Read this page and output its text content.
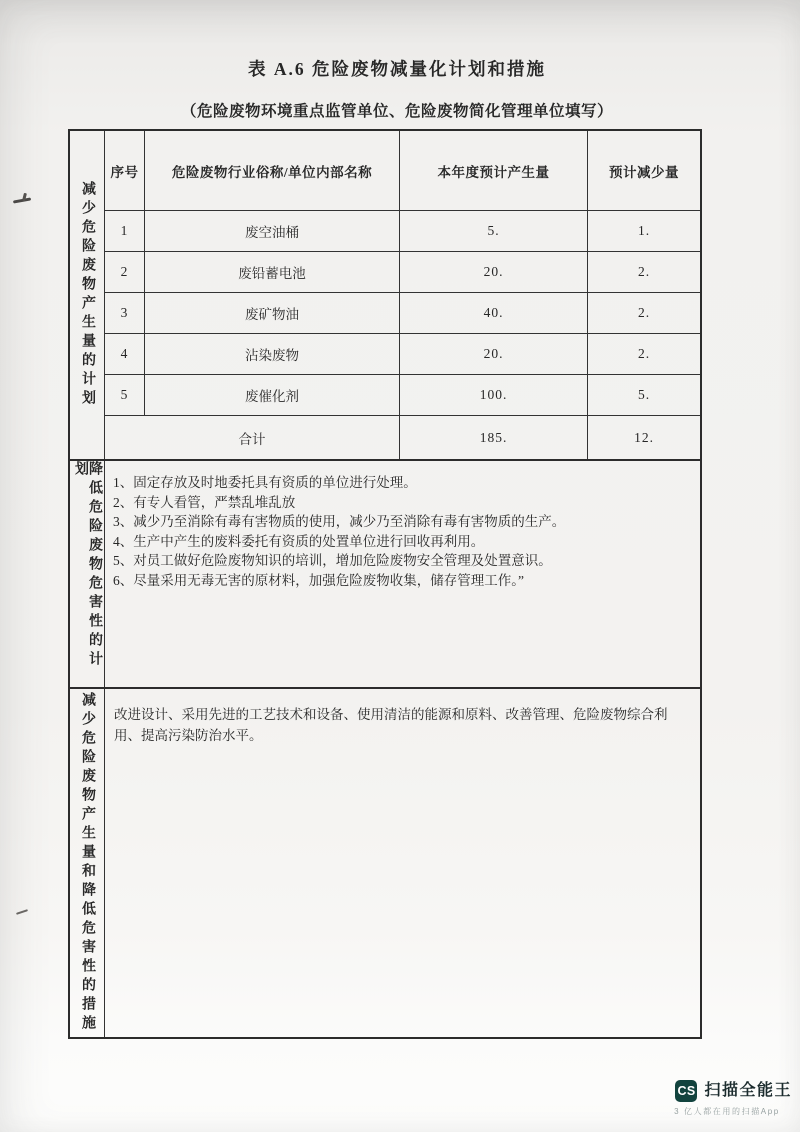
表 A.6 危险废物减量化计划和措施
（危险废物环境重点监管单位、危险废物简化管理单位填写）
减少危险废物产生量的计划
序号	危险废物行业俗称/单位内部名称	本年度预计产生量	预计减少量
1	废空油桶	5.	1.
2	废铅蓄电池	20.	2.
3	废矿物油	40.	2.
4	沾染废物	20.	2.
5	废催化剂	100.	5.
合计	185.	12.
降低危险废物危害性的计划
1、固定存放及时地委托具有资质的单位进行处理。
2、有专人看管，严禁乱堆乱放
3、减少乃至消除有毒有害物质的使用，减少乃至消除有毒有害物质的生产。
4、生产中产生的废料委托有资质的处置单位进行回收再利用。
5、对员工做好危险废物知识的培训，增加危险废物安全管理及处置意识。
6、尽量采用无毒无害的原材料，加强危险废物收集，储存管理工作。”
减少危险废物产生量和降低危害性的措施	改进设计、采用先进的工艺技术和设备、使用清洁的能源和原料、改善管理、危险废物综合利用、提高污染防治水平。
CS 扫描全能王
3 亿人都在用的扫描App
